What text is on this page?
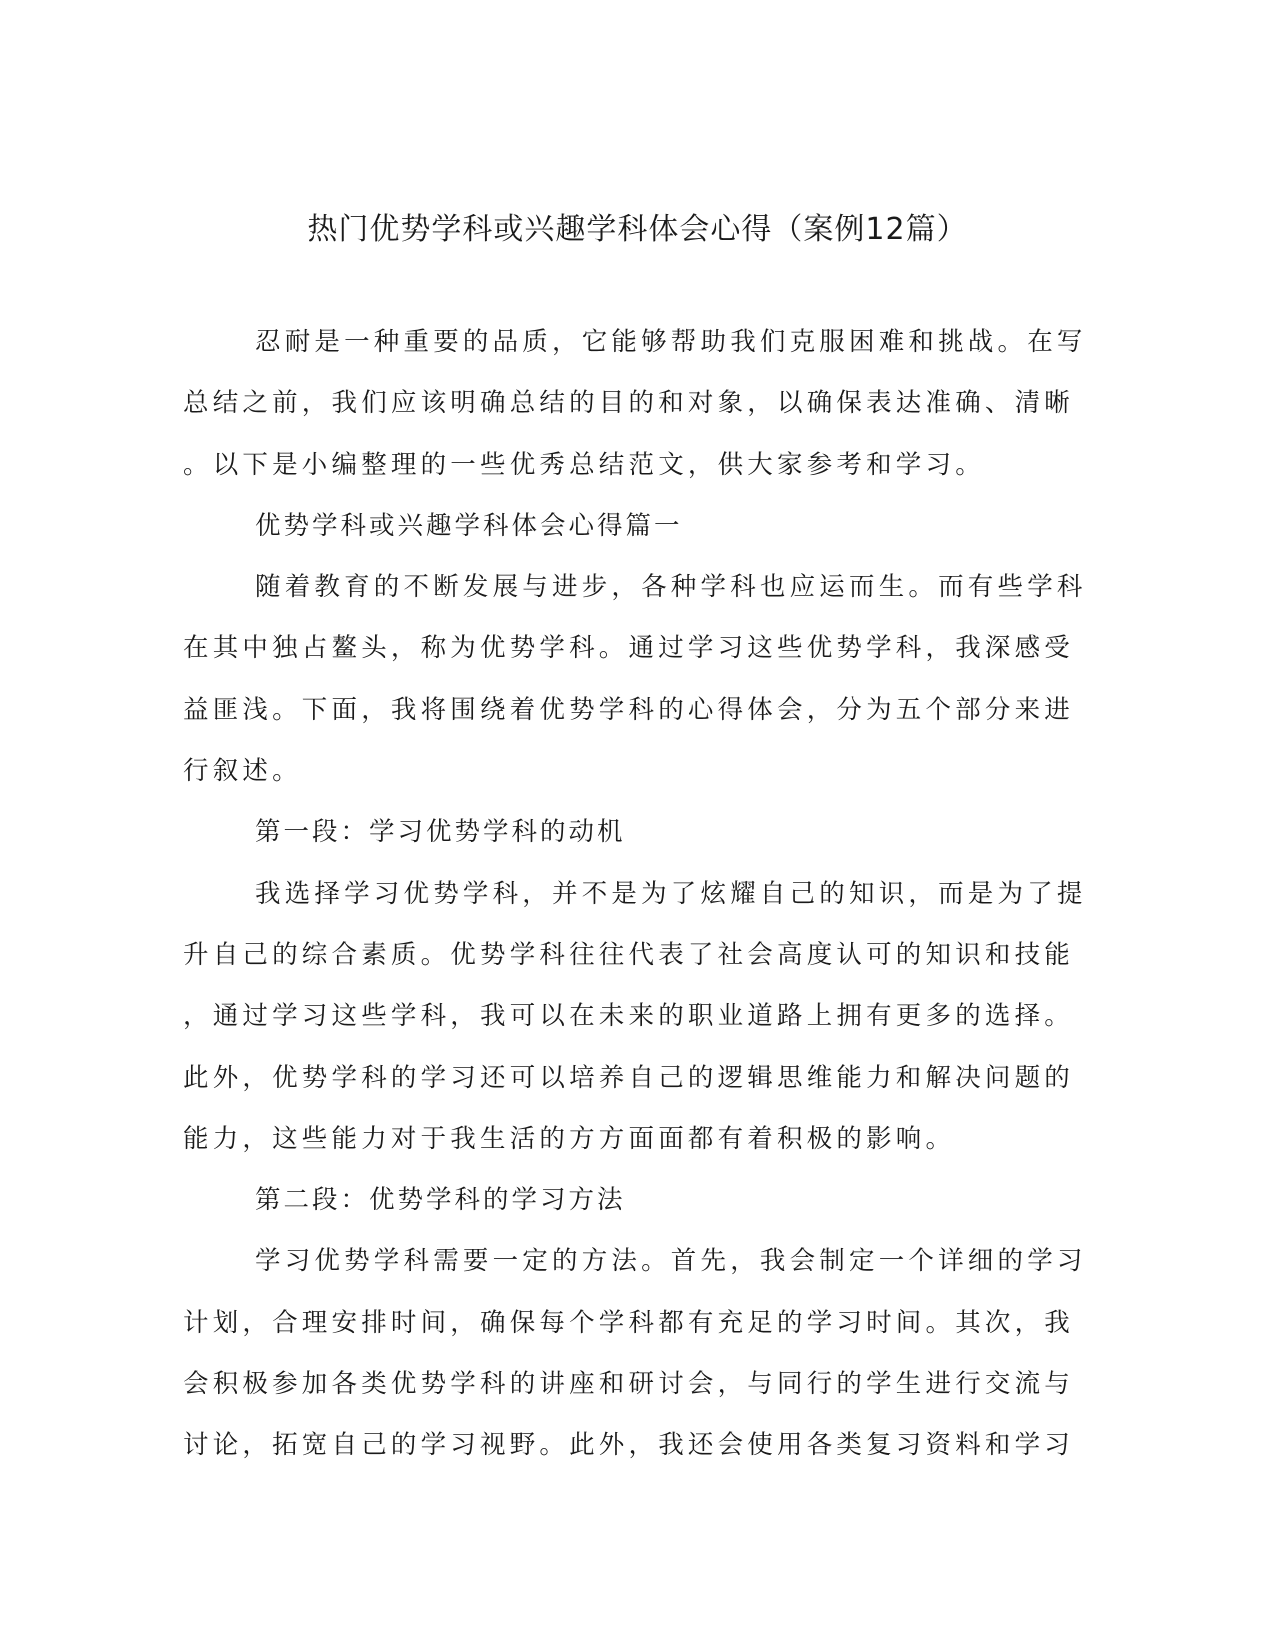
热门优势学科或兴趣学科体会心得（案例12篇）
忍耐是一种重要的品质，它能够帮助我们克服困难和挑战。在写
总结之前，我们应该明确总结的目的和对象，以确保表达准确、清晰
。以下是小编整理的一些优秀总结范文，供大家参考和学习。
优势学科或兴趣学科体会心得篇一
随着教育的不断发展与进步，各种学科也应运而生。而有些学科
在其中独占鳌头，称为优势学科。通过学习这些优势学科，我深感受
益匪浅。下面，我将围绕着优势学科的心得体会，分为五个部分来进
行叙述。
第一段：学习优势学科的动机
我选择学习优势学科，并不是为了炫耀自己的知识，而是为了提
升自己的综合素质。优势学科往往代表了社会高度认可的知识和技能
，通过学习这些学科，我可以在未来的职业道路上拥有更多的选择。
此外，优势学科的学习还可以培养自己的逻辑思维能力和解决问题的
能力，这些能力对于我生活的方方面面都有着积极的影响。
第二段：优势学科的学习方法
学习优势学科需要一定的方法。首先，我会制定一个详细的学习
计划，合理安排时间，确保每个学科都有充足的学习时间。其次，我
会积极参加各类优势学科的讲座和研讨会，与同行的学生进行交流与
讨论，拓宽自己的学习视野。此外，我还会使用各类复习资料和学习
